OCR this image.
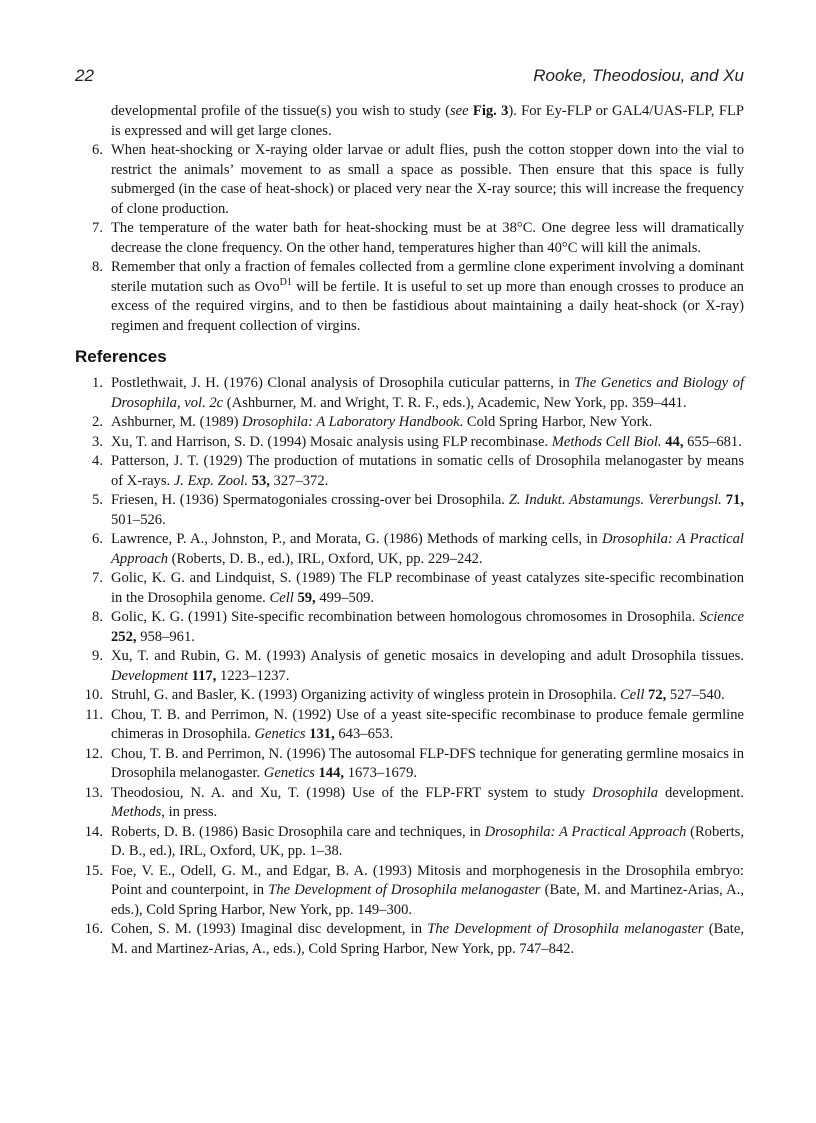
22	Rooke, Theodosiou, and Xu
developmental profile of the tissue(s) you wish to study (see Fig. 3). For Ey-FLP or GAL4/UAS-FLP, FLP is expressed and will get large clones.
6. When heat-shocking or X-raying older larvae or adult flies, push the cotton stopper down into the vial to restrict the animals’ movement to as small a space as possible. Then ensure that this space is fully submerged (in the case of heat-shock) or placed very near the X-ray source; this will increase the frequency of clone production.
7. The temperature of the water bath for heat-shocking must be at 38°C. One degree less will dramatically decrease the clone frequency. On the other hand, temperatures higher than 40°C will kill the animals.
8. Remember that only a fraction of females collected from a germline clone experiment involving a dominant sterile mutation such as Ovo$^{D1}$ will be fertile. It is useful to set up more than enough crosses to produce an excess of the required virgins, and to then be fastidious about maintaining a daily heat-shock (or X-ray) regimen and frequent collection of virgins.
References
1. Postlethwait, J. H. (1976) Clonal analysis of Drosophila cuticular patterns, in The Genetics and Biology of Drosophila, vol. 2c (Ashburner, M. and Wright, T. R. F., eds.), Academic, New York, pp. 359–441.
2. Ashburner, M. (1989) Drosophila: A Laboratory Handbook. Cold Spring Harbor, New York.
3. Xu, T. and Harrison, S. D. (1994) Mosaic analysis using FLP recombinase. Methods Cell Biol. 44, 655–681.
4. Patterson, J. T. (1929) The production of mutations in somatic cells of Drosophila melanogaster by means of X-rays. J. Exp. Zool. 53, 327–372.
5. Friesen, H. (1936) Spermatogoniales crossing-over bei Drosophila. Z. Indukt. Abstamungs. Vererbungsl. 71, 501–526.
6. Lawrence, P. A., Johnston, P., and Morata, G. (1986) Methods of marking cells, in Drosophila: A Practical Approach (Roberts, D. B., ed.), IRL, Oxford, UK, pp. 229–242.
7. Golic, K. G. and Lindquist, S. (1989) The FLP recombinase of yeast catalyzes site-specific recombination in the Drosophila genome. Cell 59, 499–509.
8. Golic, K. G. (1991) Site-specific recombination between homologous chromosomes in Drosophila. Science 252, 958–961.
9. Xu, T. and Rubin, G. M. (1993) Analysis of genetic mosaics in developing and adult Drosophila tissues. Development 117, 1223–1237.
10. Struhl, G. and Basler, K. (1993) Organizing activity of wingless protein in Drosophila. Cell 72, 527–540.
11. Chou, T. B. and Perrimon, N. (1992) Use of a yeast site-specific recombinase to produce female germline chimeras in Drosophila. Genetics 131, 643–653.
12. Chou, T. B. and Perrimon, N. (1996) The autosomal FLP-DFS technique for generating germline mosaics in Drosophila melanogaster. Genetics 144, 1673–1679.
13. Theodosiou, N. A. and Xu, T. (1998) Use of the FLP-FRT system to study Drosophila development. Methods, in press.
14. Roberts, D. B. (1986) Basic Drosophila care and techniques, in Drosophila: A Practical Approach (Roberts, D. B., ed.), IRL, Oxford, UK, pp. 1–38.
15. Foe, V. E., Odell, G. M., and Edgar, B. A. (1993) Mitosis and morphogenesis in the Drosophila embryo: Point and counterpoint, in The Development of Drosophila melanogaster (Bate, M. and Martinez-Arias, A., eds.), Cold Spring Harbor, New York, pp. 149–300.
16. Cohen, S. M. (1993) Imaginal disc development, in The Development of Drosophila melanogaster (Bate, M. and Martinez-Arias, A., eds.), Cold Spring Harbor, New York, pp. 747–842.
